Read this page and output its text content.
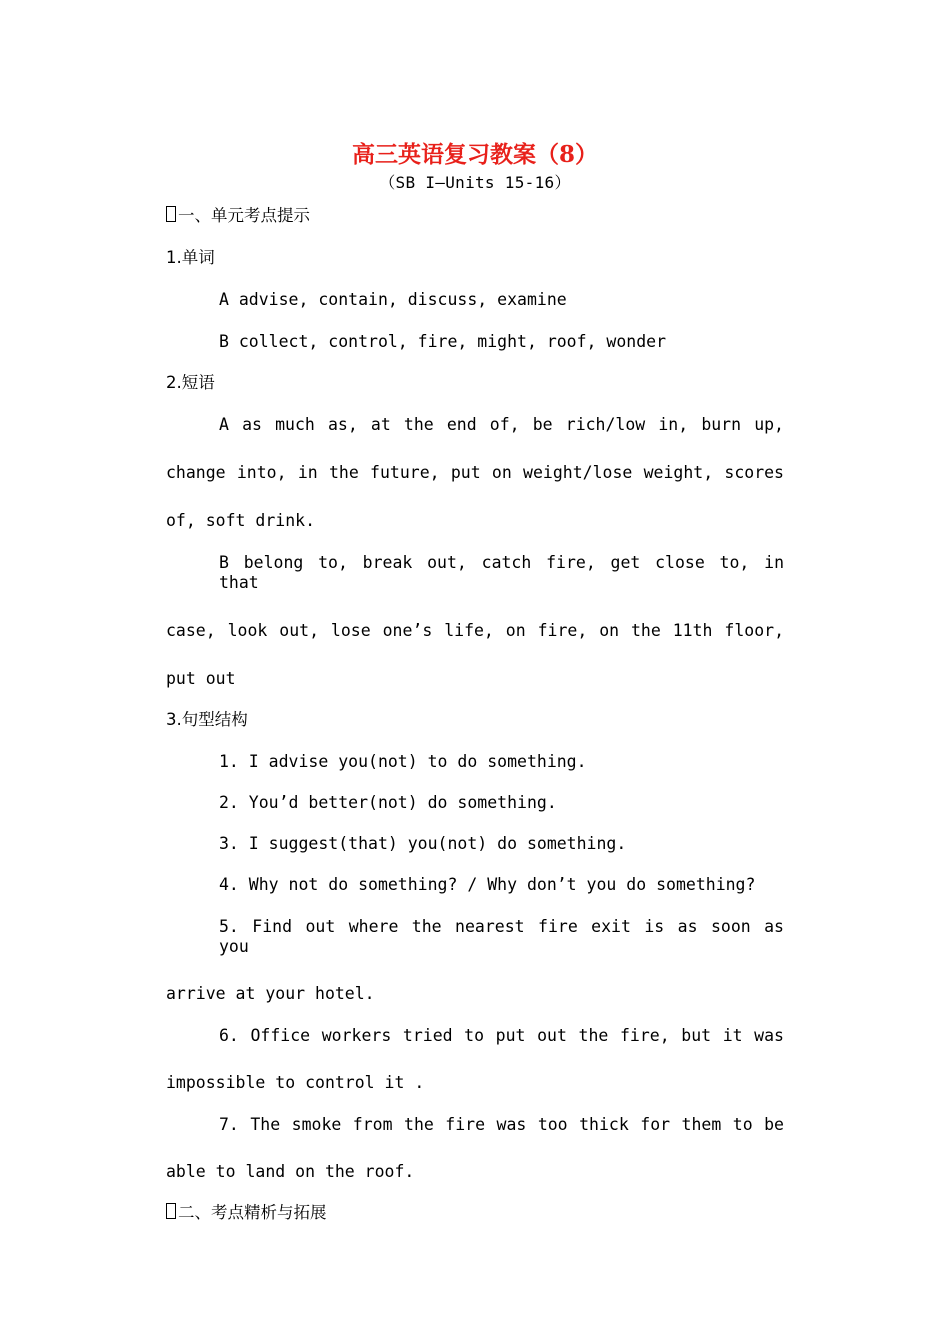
高三英语复习教案（8）

（SB I—Units 15-16）

一、单元考点提示

1.单词

A advise, contain, discuss, examine

B collect, control, fire, might, roof, wonder

2.短语

A as much as, at the end of, be rich/low in, burn up,

change into, in the future, put on weight/lose weight, scores

of, soft drink.

B belong to, break out, catch fire, get close to, in that

case, look out, lose one’s life, on fire, on the 11th floor,

put out

3.句型结构

1. I advise you(not) to do something.

2. You’d better(not) do something.

3. I suggest(that) you(not) do something.

4. Why not do something? / Why don’t you do something?

5. Find out where the nearest fire exit is as soon as you

arrive at your hotel.

6. Office workers tried to put out the fire, but it was

impossible to control it .

7. The smoke from the fire was too thick for them to be

able to land on the roof.

二、考点精析与拓展
